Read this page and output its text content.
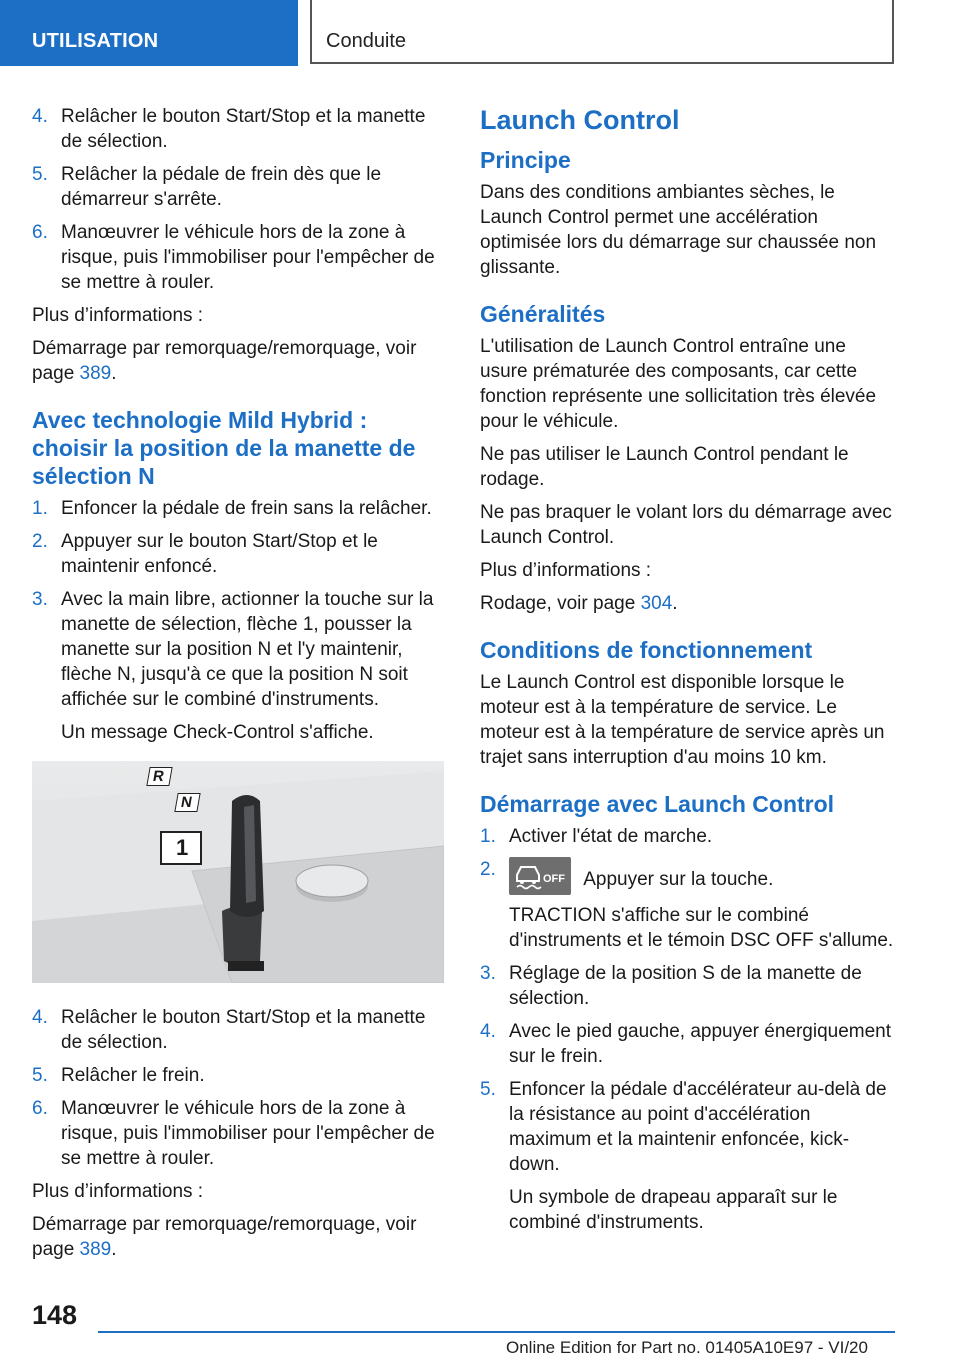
UTILISATION	Conduite
4. Relâcher le bouton Start/Stop et la manette de sélection.
5. Relâcher la pédale de frein dès que le démarreur s'arrête.
6. Manœuvrer le véhicule hors de la zone à risque, puis l'immobiliser pour l'empêcher de se mettre à rouler.

Plus d’informations :

Démarrage par remorquage/remorquage, voir page 389.

Avec technologie Mild Hybrid : choisir la position de la manette de sélection N
1. Enfoncer la pédale de frein sans la relâcher.
2. Appuyer sur le bouton Start/Stop et le maintenir enfoncé.
3. Avec la main libre, actionner la touche sur la manette de sélection, flèche 1, pousser la manette sur la position N et l'y maintenir, flèche N, jusqu'à ce que la position N soit affichée sur le combiné d'instruments.
Un message Check-Control s'affiche.
R
N
1
4. Relâcher le bouton Start/Stop et la manette de sélection.
5. Relâcher le frein.
6. Manœuvrer le véhicule hors de la zone à risque, puis l'immobiliser pour l'empêcher de se mettre à rouler.

Plus d’informations :

Démarrage par remorquage/remorquage, voir page 389.

Launch Control
Principe

Dans des conditions ambiantes sèches, le Launch Control permet une accélération optimisée lors du démarrage sur chaussée non glissante.

Généralités

L'utilisation de Launch Control entraîne une usure prématurée des composants, car cette fonction représente une sollicitation très élevée pour le véhicule.

Ne pas utiliser le Launch Control pendant le rodage.

Ne pas braquer le volant lors du démarrage avec Launch Control.

Plus d’informations :

Rodage, voir page 304.

Conditions de fonctionnement

Le Launch Control est disponible lorsque le moteur est à la température de service. Le moteur est à la température de service après un trajet sans interruption d'au moins 10 km.

Démarrage avec Launch Control
1. Activer l'état de marche.
2.	OFF Appuyer sur la touche.
TRACTION s'affiche sur le combiné d'instruments et le témoin DSC OFF s'allume.
3. Réglage de la position S de la manette de sélection.
4. Avec le pied gauche, appuyer énergiquement sur le frein.
5. Enfoncer la pédale d'accélérateur au-delà de la résistance au point d'accélération maximum et la maintenir enfoncée, kick-down.
Un symbole de drapeau apparaît sur le combiné d'instruments.
148
Online Edition for Part no. 01405A10E97 - VI/20
